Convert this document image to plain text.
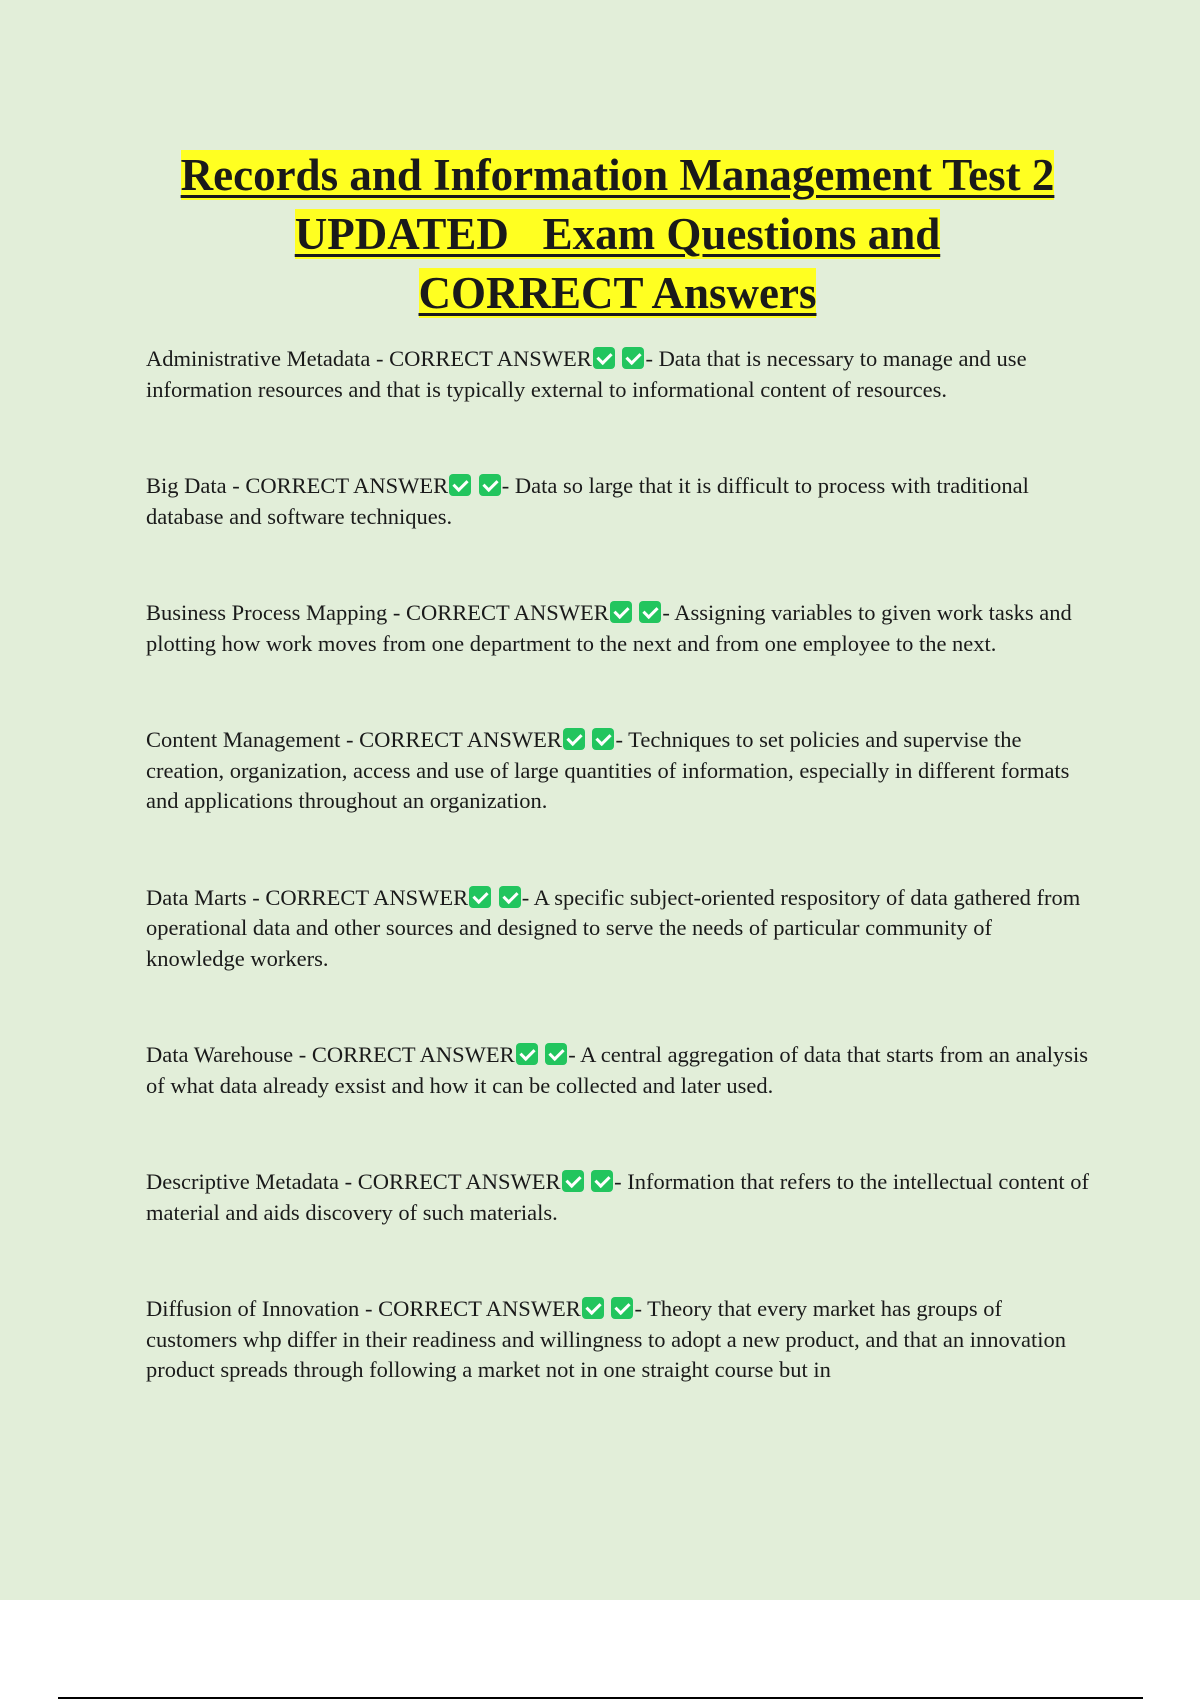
Records and Information Management Test 2
UPDATED   Exam Questions and
CORRECT Answers

Administrative Metadata - CORRECT ANSWER - Data that is necessary to manage and use information resources and that is typically external to informational content of resources.

Big Data - CORRECT ANSWER - Data so large that it is difficult to process with traditional database and software techniques.

Business Process Mapping - CORRECT ANSWER - Assigning variables to given work tasks and plotting how work moves from one department to the next and from one employee to the next.

Content Management - CORRECT ANSWER - Techniques to set policies and supervise the creation, organization, access and use of large quantities of information, especially in different formats and applications throughout an organization.

Data Marts - CORRECT ANSWER - A specific subject-oriented respository of data gathered from operational data and other sources and designed to serve the needs of particular community of knowledge workers.

Data Warehouse - CORRECT ANSWER - A central aggregation of data that starts from an analysis of what data already exsist and how it can be collected and later used.

Descriptive Metadata - CORRECT ANSWER - Information that refers to the intellectual content of material and aids discovery of such materials.

Diffusion of Innovation - CORRECT ANSWER - Theory that every market has groups of customers whp differ in their readiness and willingness to adopt a new product, and that an innovation product spreads through following a market not in one straight course but in
